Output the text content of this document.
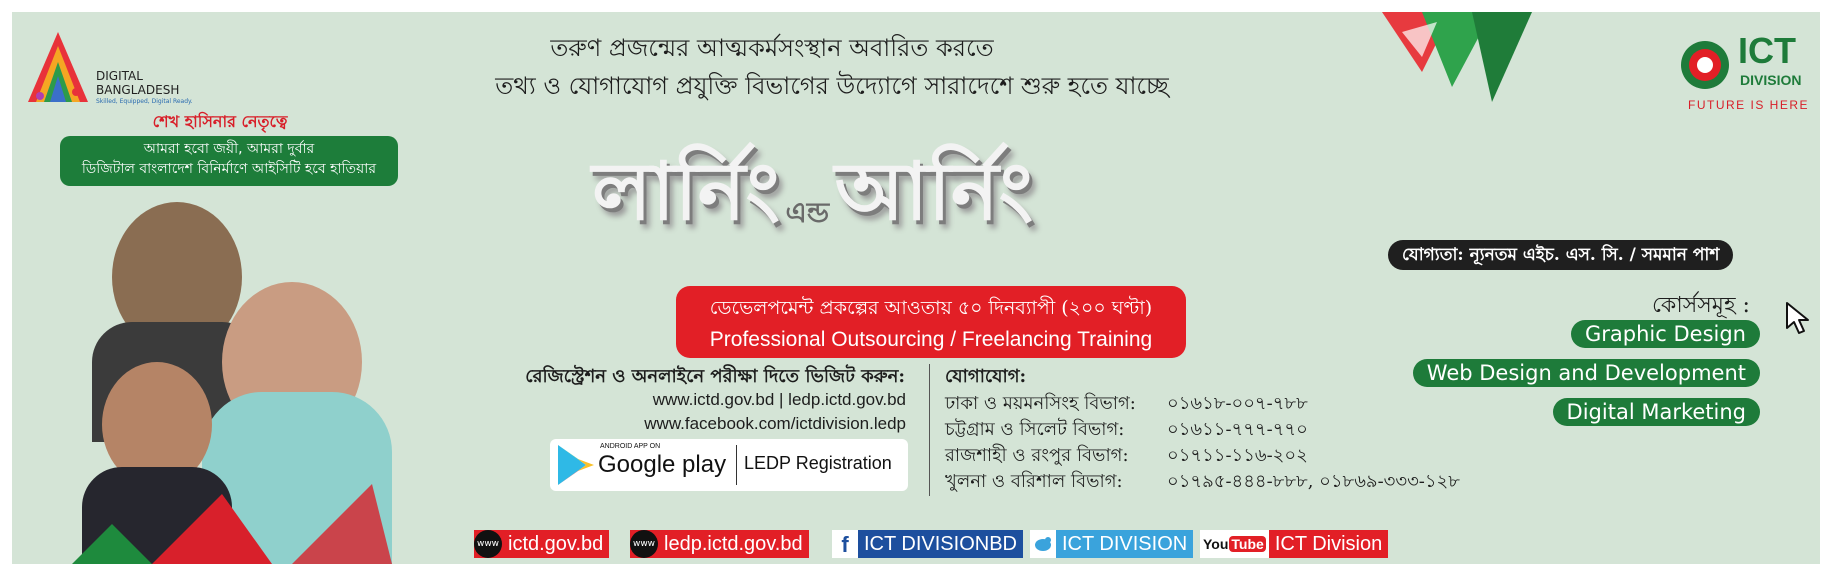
DIGITAL
BANGLADESH
Skilled, Equipped, Digital Ready.
শেখ হাসিনার নেতৃত্বে
আমরা হবো জয়ী, আমরা দুর্বার
ডিজিটাল বাংলাদেশ বিনির্মাণে আইসিটি হবে হাতিয়ার
ICT
DIVISION
FUTURE IS HERE
তরুণ প্রজন্মের আত্মকর্মসংস্থান অবারিত করতে
তথ্য ও যোগাযোগ প্রযুক্তি বিভাগের উদ্যোগে সারাদেশে শুরু হতে যাচ্ছে
লার্নিং এন্ড আর্নিং
ডেভেলপমেন্ট প্রকল্পের আওতায় ৫০ দিনব্যাপী (২০০ ঘণ্টা)
Professional Outsourcing / Freelancing Training
রেজিস্ট্রেশন ও অনলাইনে পরীক্ষা দিতে ভিজিট করুন:
www.ictd.gov.bd | ledp.ictd.gov.bd
www.facebook.com/ictdivision.ledp
ANDROID APP ON
Google play LEDP Registration
যোগাযোগ:
ঢাকা ও ময়মনসিংহ বিভাগ:	০১৬১৮-০০৭-৭৮৮
চট্টগ্রাম ও সিলেট বিভাগ:	০১৬১১-৭৭৭-৭৭০
রাজশাহী ও রংপুর বিভাগ:	০১৭১১-১১৬-২০২
খুলনা ও বরিশাল বিভাগ:	০১৭৯৫-৪৪৪-৮৮৮, ০১৮৬৯-৩৩৩-১২৮
যোগ্যতা: ন্যূনতম এইচ. এস. সি. / সমমান পাশ
কোর্সসমূহ :
Graphic Design
Web Design and Development
Digital Marketing
www ictd.gov.bd	www ledp.ictd.gov.bd	f ICT DIVISIONBD	ICT DIVISION	You Tube ICT Division
